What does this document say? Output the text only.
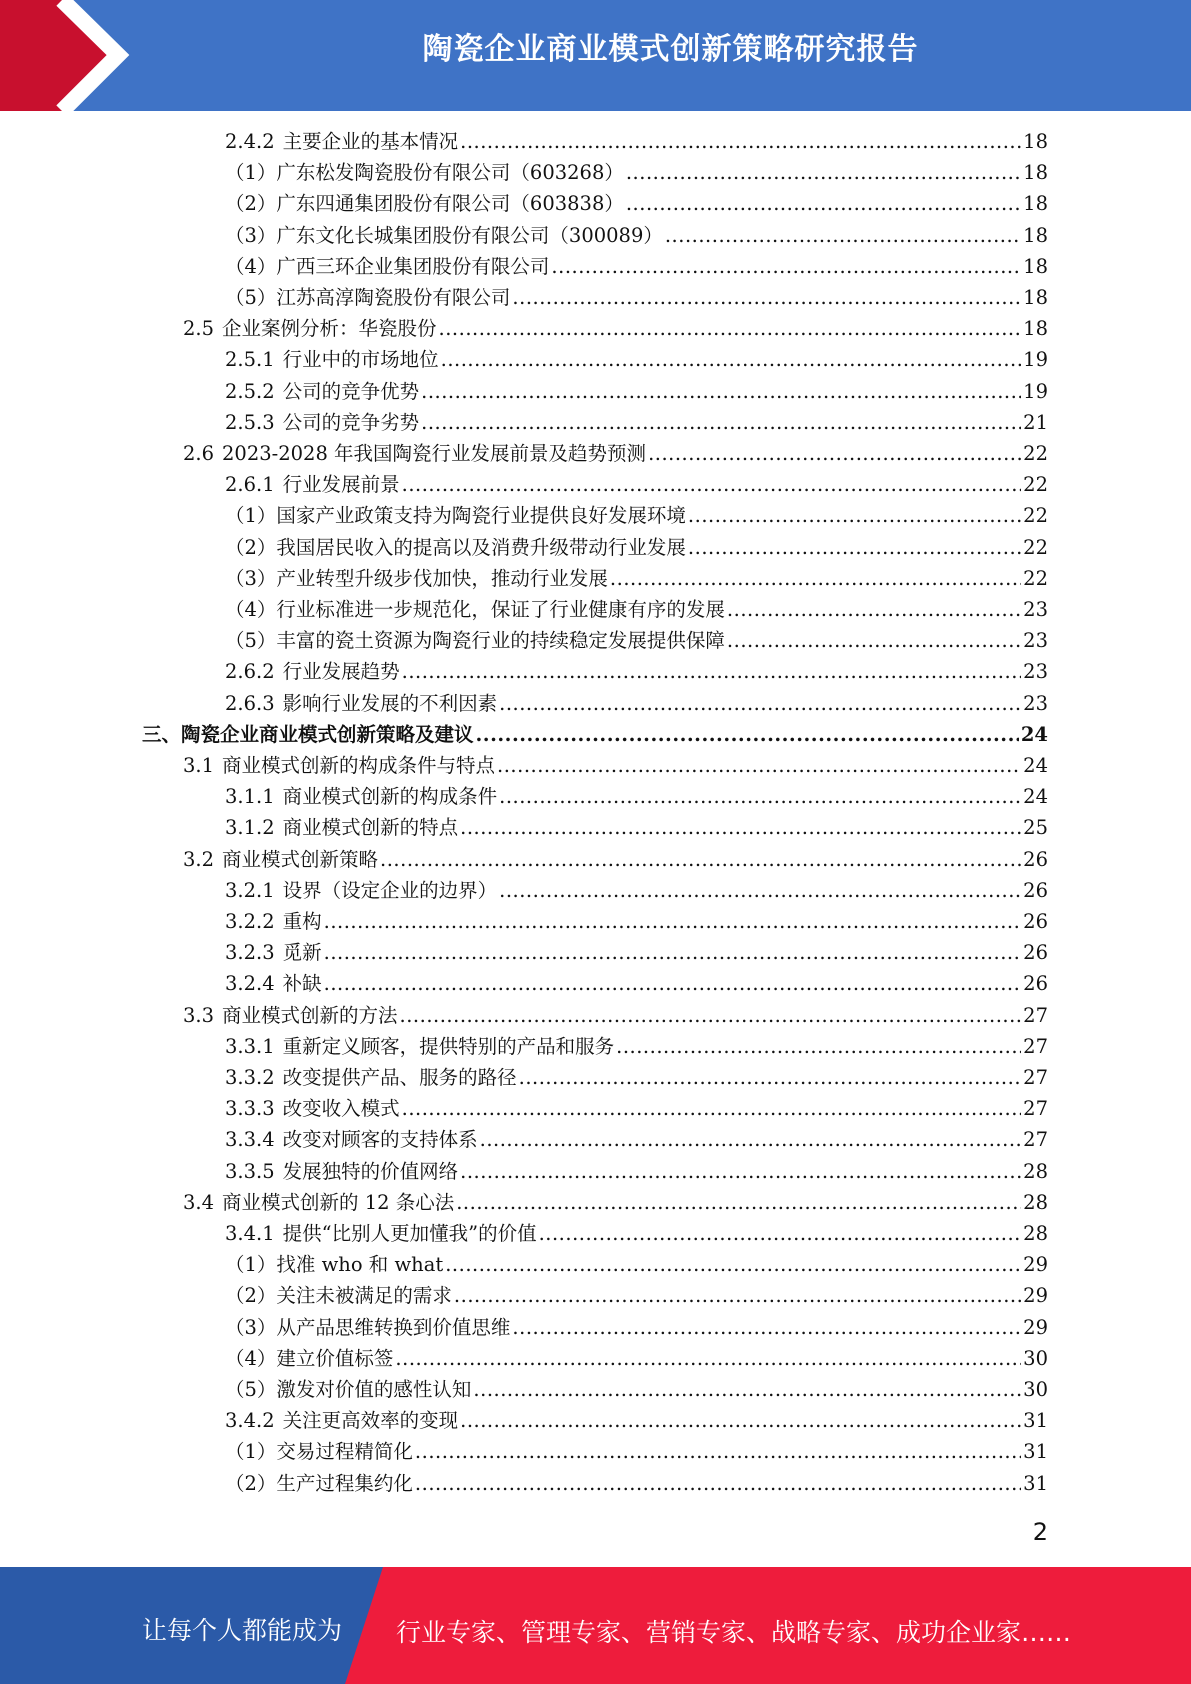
陶瓷企业商业模式创新策略研究报告
2.4.2 主要企业的基本情况 .....	18
（1）广东松发陶瓷股份有限公司（603268） .....	18
（2）广东四通集团股份有限公司（603838） .....	18
（3）广东文化长城集团股份有限公司（300089） .....	18
（4）广西三环企业集团股份有限公司 .....	18
（5）江苏高淳陶瓷股份有限公司 .....	18
2.5 企业案例分析：华瓷股份 .....	18
2.5.1 行业中的市场地位 .....	19
2.5.2 公司的竞争优势 .....	19
2.5.3 公司的竞争劣势 .....	21
2.6 2023-2028 年我国陶瓷行业发展前景及趋势预测 .....	22
2.6.1 行业发展前景 .....	22
（1）国家产业政策支持为陶瓷行业提供良好发展环境 .....	22
（2）我国居民收入的提高以及消费升级带动行业发展 .....	22
（3）产业转型升级步伐加快，推动行业发展 .....	22
（4）行业标准进一步规范化，保证了行业健康有序的发展 .....	23
（5）丰富的瓷土资源为陶瓷行业的持续稳定发展提供保障 .....	23
2.6.2 行业发展趋势 .....	23
2.6.3 影响行业发展的不利因素 .....	23
三、陶瓷企业商业模式创新策略及建议 .....	24
3.1 商业模式创新的构成条件与特点 .....	24
3.1.1 商业模式创新的构成条件 .....	24
3.1.2 商业模式创新的特点 .....	25
3.2 商业模式创新策略 .....	26
3.2.1 设界（设定企业的边界） .....	26
3.2.2 重构 .....	26
3.2.3 觅新 .....	26
3.2.4 补缺 .....	26
3.3 商业模式创新的方法 .....	27
3.3.1 重新定义顾客，提供特别的产品和服务 .....	27
3.3.2 改变提供产品、服务的路径 .....	27
3.3.3 改变收入模式 .....	27
3.3.4 改变对顾客的支持体系 .....	27
3.3.5 发展独特的价值网络 .....	28
3.4 商业模式创新的 12 条心法 .....	28
3.4.1 提供“比别人更加懂我”的价值 .....	28
（1）找准 who 和 what .....	29
（2）关注未被满足的需求 .....	29
（3）从产品思维转换到价值思维 .....	29
（4）建立价值标签 .....	30
（5）激发对价值的感性认知 .....	30
3.4.2 关注更高效率的变现 .....	31
（1）交易过程精简化 .....	31
（2）生产过程集约化 .....	31
2
让每个人都能成为 行业专家、管理专家、营销专家、战略专家、成功企业家……
